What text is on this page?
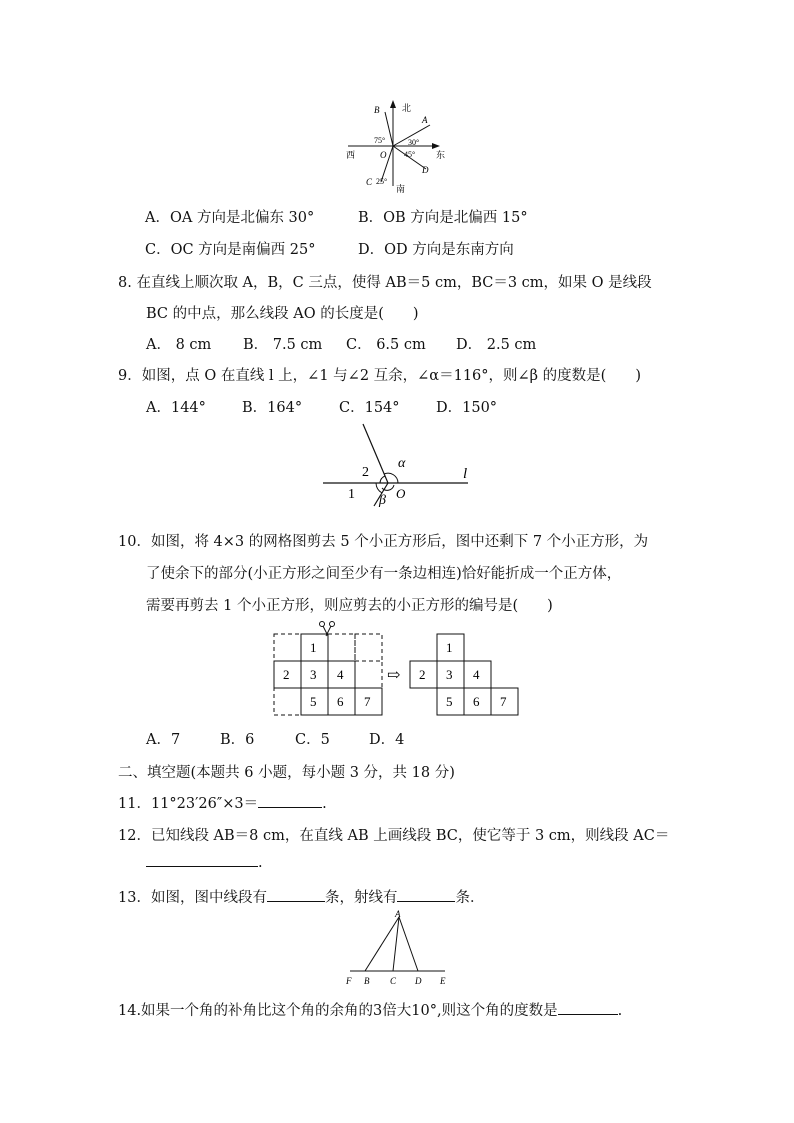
北
南
东
西
B
A
D
C
O
75°	30°
45°
25°
A．OA 方向是北偏东 30°	B．OB 方向是北偏西 15°
C．OC 方向是南偏西 25°	D．OD 方向是东南方向
8. 在直线上顺次取 A，B，C 三点，使得 AB＝5 cm，BC＝3 cm，如果 O 是线段
BC 的中点，那么线段 AO 的长度是(　　)
A． 8 cm B． 7.5 cm C． 6.5 cm D． 2.5 cm
9．如图，点 O 在直线 l 上，∠1 与∠2 互余，∠α＝116°，则∠β 的度数是(　　)
A．144° B．164°	C．154°	D．150°
l
O
2
1
α
β
10．如图，将 4×3 的网格图剪去 5 个小正方形后，图中还剩下 7 个小正方形，为
了使余下的部分(小正方形之间至少有一条边相连)恰好能折成一个正方体，
需要再剪去 1 个小正方形，则应剪去的小正方形的编号是(　　)
1
2 3 4
5 6 7
⇨
1
2 3 4
5 6 7
A．7	B．6	C．5	D．4
二、填空题(本题共 6 小题，每小题 3 分，共 18 分)
11．11°23′26″×3＝	.
12．已知线段 AB＝8 cm，在直线 AB 上画线段 BC，使它等于 3 cm，则线段 AC＝
.
13．如图，图中线段有	条，射线有	条．
A
F B C D E
14.如果一个角的补角比这个角的余角的3倍大10°,则这个角的度数是	.
